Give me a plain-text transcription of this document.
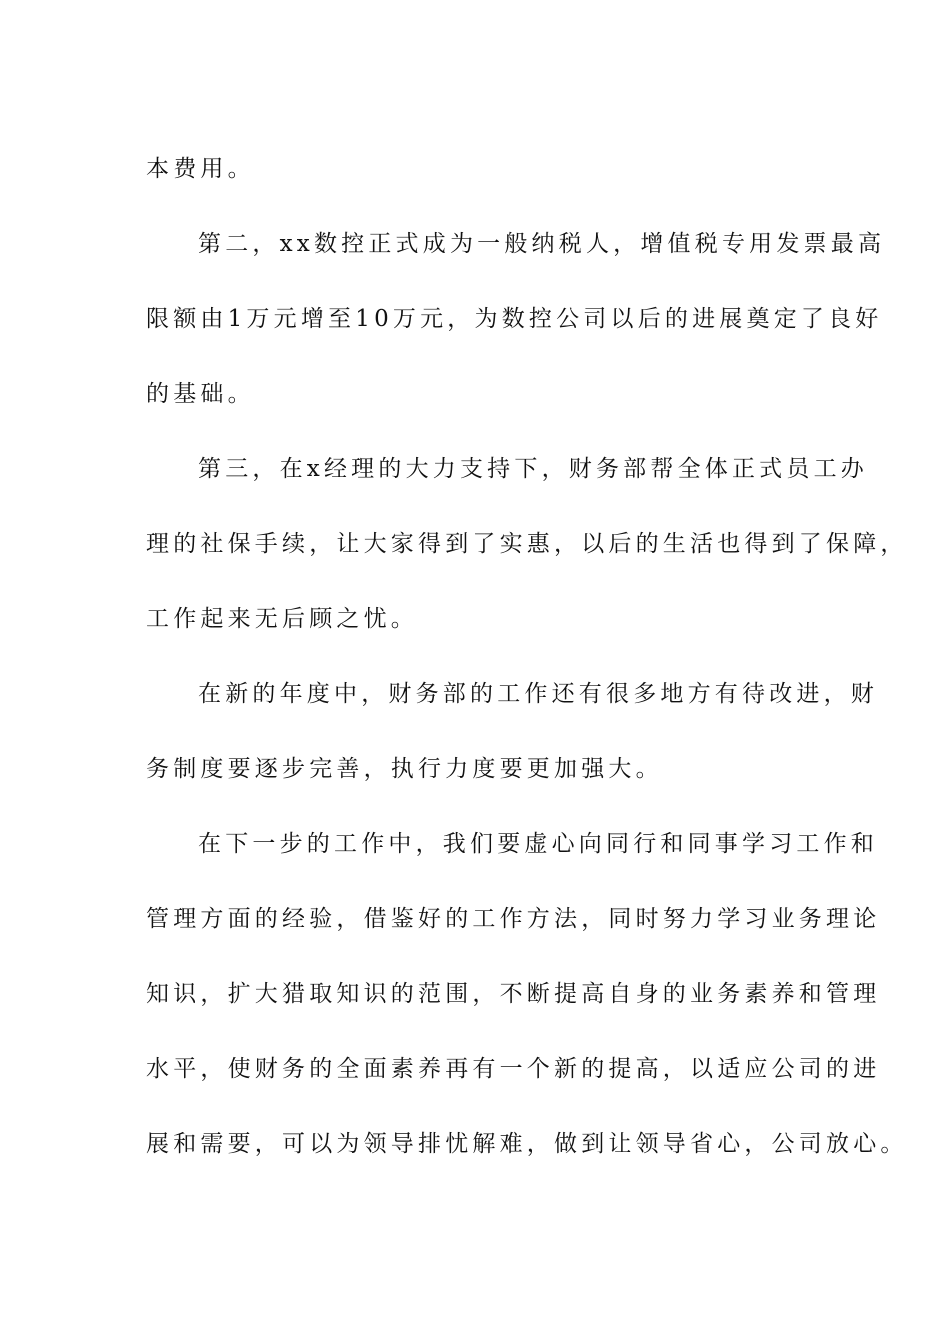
本费用。
第二，xx数控正式成为一般纳税人，增值税专用发票最高
限额由1万元增至10万元，为数控公司以后的进展奠定了良好
的基础。
第三，在x经理的大力支持下，财务部帮全体正式员工办
理的社保手续，让大家得到了实惠，以后的生活也得到了保障，
工作起来无后顾之忧。
在新的年度中，财务部的工作还有很多地方有待改进，财
务制度要逐步完善，执行力度要更加强大。
在下一步的工作中，我们要虚心向同行和同事学习工作和
管理方面的经验，借鉴好的工作方法，同时努力学习业务理论
知识，扩大猎取知识的范围，不断提高自身的业务素养和管理
水平，使财务的全面素养再有一个新的提高，以适应公司的进
展和需要，可以为领导排忧解难，做到让领导省心，公司放心。
